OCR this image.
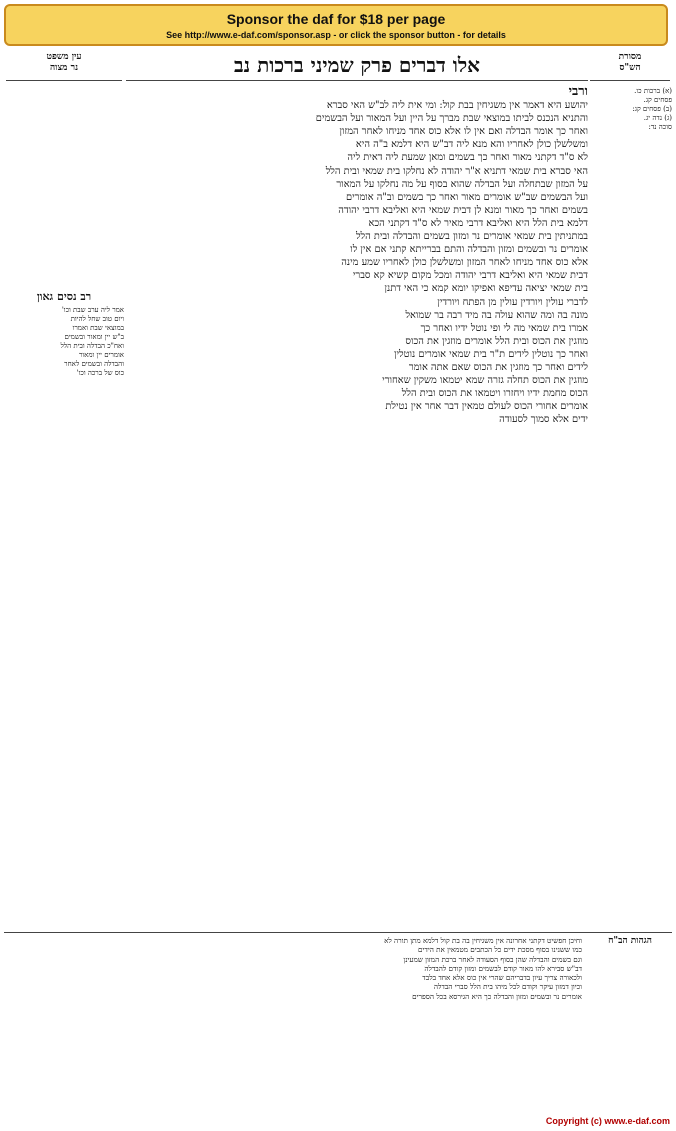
Sponsor the daf for $18 per page
See http://www.e-daf.com/sponsor.asp - or click the sponsor button - for details
מסורת
הש"ס
(א) ברכות כו.
פסחים קג.
(ב) פסחים קג:
(ג) נדה יג.
סוכה נד:
אלו דברים פרק שמיני ברכות נב
ורבי
יהושע היא דאמר אין משגיחין בבת קול: ומי אית ליה לב"ש האי סברא
והתניא הנכנס לביתו במוצאי שבת מברך על היין ועל המאור ועל הבשמים
ואחר כך אומר הבדלה ואם אין לו אלא כוס אחד מניחו לאחר המזון
ומשלשלן כולן לאחריו והא מנא ליה דב"ש היא דלמא ב"ה היא
לא ס"ד דקתני מאור ואחר כך בשמים ומאן שמעת ליה דאית ליה
האי סברא בית שמאי דתניא א"ר יהודה לא נחלקו בית שמאי ובית הלל
על המזון שבתחלה ועל הבדלה שהוא בסוף על מה נחלקו על המאור
ועל הבשמים שב"ש אומרים מאור ואחר כך בשמים וב"ה אומרים
בשמים ואחר כך מאור ומנא לן דבית שמאי היא ואליבא דרבי יהודה
דלמא בית הלל היא ואליבא דרבי מאיר לא ס"ד דקתני הכא
במתניתין בית שמאי אומרים נר ומזון בשמים והבדלה ובית הלל
אומרים נר ובשמים ומזון והבדלה והתם בברייתא קתני אם אין לו
אלא כוס אחד מניחו לאחר המזון ומשלשלן כולן לאחריו שמע מינה
דבית שמאי היא ואליבא דרבי יהודה ומכל מקום קשיא קא סברי
בית שמאי יציאה עדיפא ואפיקו יומא קמא כי האי דתנן
לדברי עולין ויורדין עולין מן הפתח ויורדין
מונה בה ומה שהוא עולה בה מיד רבה בר שמואל
אמרו בית שמאי מה לי ופי נוטל ידיו ואחר כך
מוזגין את הכוס ובית הלל אומרים מוזגין את הכוס
ואחר כך נוטלין לידים ת"ר בית שמאי אומרים נוטלין
לידים ואחר כך מוזגין את הכוס שאם אתה אומר
מוזגין את הכוס תחלה גזרה שמא יטמאו משקין שאחורי
הכוס מחמת ידיו ויחזרו ויטמאו את הכוס ובית הלל
אומרים אחורי הכוס לעולם טמאין דבר אחר אין נטילת
ידים אלא סמוך לסעודה
עין משפט
נר מצוה
רב נסים גאון
אמר ליה ערב שבת וכו'
ויום טוב שחל להיות
במוצאי שבת ואמרו
ב"ש יין ומאור ובשמים
ואח"כ הבדלה ובית הלל
אומרים יין ומאור
והבדלה ובשמים לאחר
כוס של ברכה וכו'
הגהות הב"ח
וחיכן חפשיט דקתני אחרונה אין משגיחין בה בת קול דלמא מתן תורה לא
כמו ששנינו בסוף מסכת ידים כל הכתבים מטמאין את הידים
וגם בשמים והבדלה שהן בסוף הסעודה לאחר ברכת המזון שמעינן
דב"ש סבירא להו מאור קודם לבשמים ומזון קודם להבדלה
ולכאורה צריך עיון בדבריהם שהרי אין כוס אלא אחד בלבד
וכיון דמזון עיקר וקודם לכל מיהו בית הלל סברי הבדלה
אומרים נר ובשמים ומזון והבדלה כך היא הגירסא בכל הספרים
Copyright (c) www.e-daf.com
